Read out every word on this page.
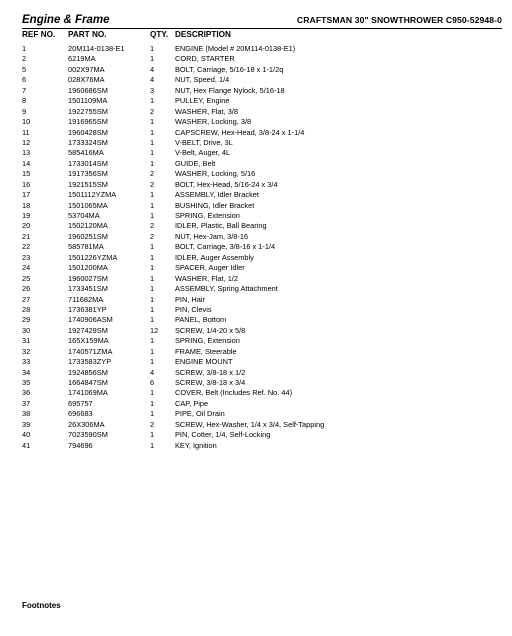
Engine & Frame	CRAFTSMAN 30" SNOWTHROWER C950-52948-0
REF NO. PART NO.	QTY. DESCRIPTION
1	20M114-0138-E1	1	ENGINE (Model # 20M114-0138-E1)
2	6219MA	1	CORD, STARTER
5	002X97MA	4	BOLT, Carriage, 5/16-18 x 1-1/2q
6	028X76MA	4	NUT, Speed, 1/4
7	1960686SM	3	NUT, Hex Flange Nylock, 5/16-18
8	1501109MA	1	PULLEY, Engine
9	1922755SM	2	WASHER, Flat, 3/8
10	1916965SM	1	WASHER, Locking, 3/8
11	1960428SM	1	CAPSCREW, Hex-Head, 3/8-24 x 1-1/4
12	1733324SM	1	V-BELT, Drive, 3L
13	585416MA	1	V-Belt, Auger, 4L
14	1733014SM	1	GUIDE, Belt
15	1917356SM	2	WASHER, Locking, 5/16
16	1921515SM	2	BOLT, Hex-Head, 5/16-24 x 3/4
17	1501112YZMA	1	ASSEMBLY, Idler Bracket
18	1501065MA	1	BUSHING, Idler Bracket
19	53704MA	1	SPRING, Extension
20	1502120MA	2	IDLER, Plastic, Ball Bearing
21	1960251SM	2	NUT, Hex-Jam, 3/8-16
22	585781MA	1	BOLT, Carriage, 3/8-16 x 1-1/4
23	1501226YZMA	1	IDLER, Auger Assembly
24	1501200MA	1	SPACER, Auger Idler
25	1960027SM	1	WASHER, Flat, 1/2
26	1733451SM	1	ASSEMBLY, Spring Attachment
27	711682MA	1	PIN, Hair
28	1736381YP	1	PIN, Clevis
29	1740906ASM	1	PANEL, Bottom
30	1927429SM	12 SCREW, 1/4-20 x 5/8
31	165X159MA	1	SPRING, Extension
32	1740571ZMA	1	FRAME, Steerable
33	1733583ZYP	1	ENGINE MOUNT
34	1924856SM	4	SCREW, 3/8-18 x 1/2
35	1664847SM	6	SCREW, 3/8-18 x 3/4
36	1741069MA	1	COVER, Belt (Includes Ref. No. 44)
37	695757	1	CAP, Pipe
38	696683	1	PIPE, Oil Drain
39	26X306MA	2	SCREW, Hex-Washer, 1/4 x 3/4, Self-Tapping
40	7023590SM	1	PIN, Cotter, 1/4, Self-Locking
41	794696	1	KEY, Ignition
Footnotes
